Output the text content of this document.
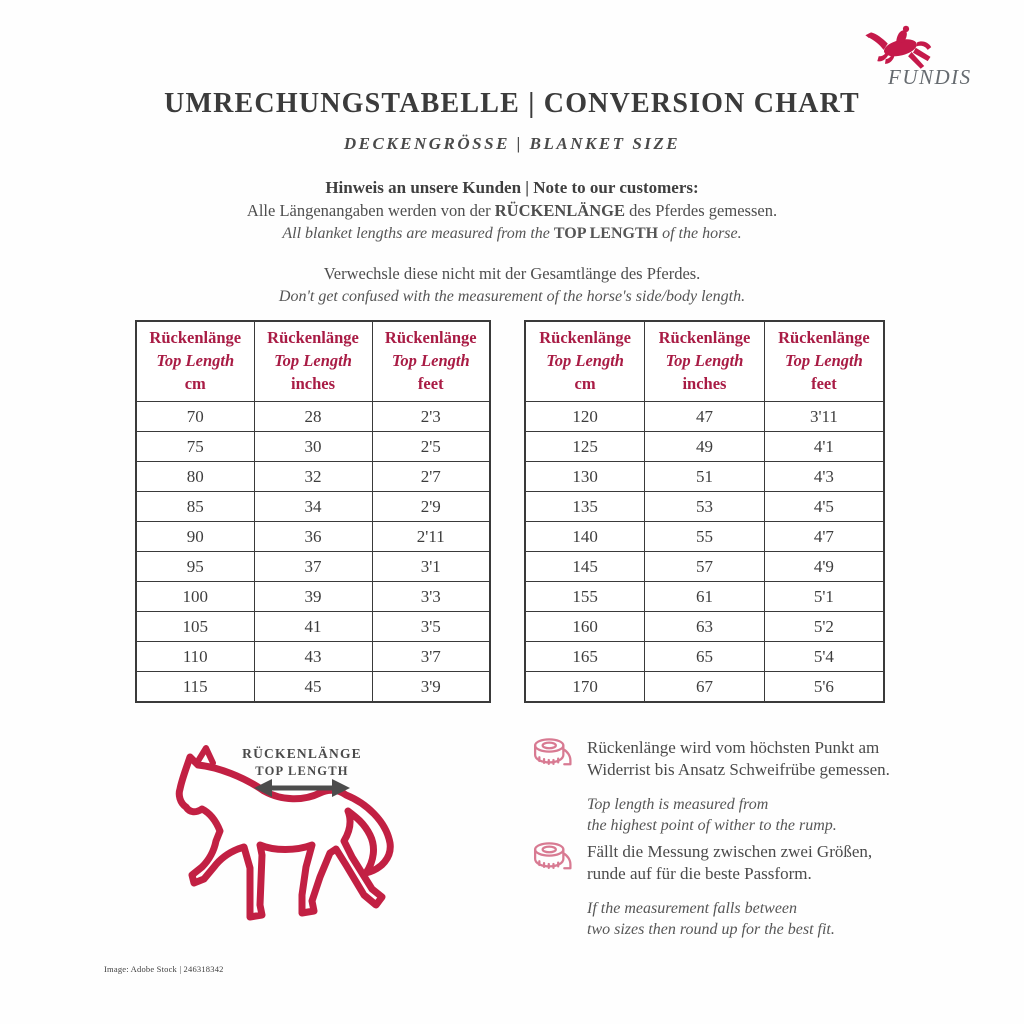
FUNDIS
UMRECHUNGSTABELLE | CONVERSION CHART
DECKENGRÖSSE | BLANKET SIZE
Hinweis an unsere Kunden | Note to our customers:
Alle Längenangaben werden von der RÜCKENLÄNGE des Pferdes gemessen.
All blanket lengths are measured from the TOP LENGTH of the horse.
Verwechsle diese nicht mit der Gesamtlänge des Pferdes.
Don't get confused with the measurement of the horse's side/body length.
Rückenlänge
Top Length
cm	Rückenlänge
Top Length
inches	Rückenlänge
Top Length
feet

70	28	2'3
75	30	2'5
80	32	2'7
85	34	2'9
90	36	2'11
95	37	3'1
100	39	3'3
105	41	3'5
110	43	3'7
115	45	3'9
Rückenlänge
Top Length
cm	Rückenlänge
Top Length
inches	Rückenlänge
Top Length
feet

120	47	3'11
125	49	4'1
130	51	4'3
135	53	4'5
140	55	4'7
145	57	4'9
155	61	5'1
160	63	5'2
165	65	5'4
170	67	5'6
RÜCKENLÄNGE
TOP LENGTH
Rückenlänge wird vom höchsten Punkt am
Widerrist bis Ansatz Schweifrübe gemessen.
Top length is measured from
the highest point of wither to the rump.
Fällt die Messung zwischen zwei Größen,
runde auf für die beste Passform.
If the measurement falls between
two sizes then round up for the best fit.
Image: Adobe Stock | 246318342
